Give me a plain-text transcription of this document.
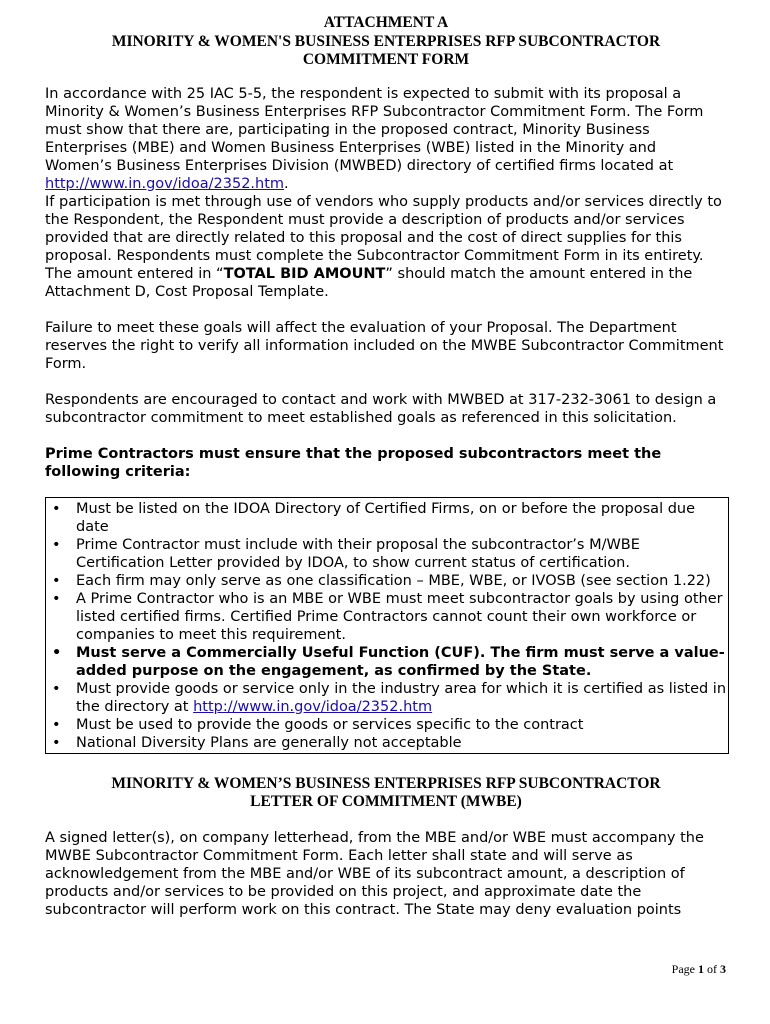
ATTACHMENT A
MINORITY & WOMEN'S BUSINESS ENTERPRISES RFP SUBCONTRACTOR
COMMITMENT FORM

In accordance with 25 IAC 5-5, the respondent is expected to submit with its proposal a Minority & Women’s Business Enterprises RFP Subcontractor Commitment Form. The Form must show that there are, participating in the proposed contract, Minority Business Enterprises (MBE) and Women Business Enterprises (WBE) listed in the Minority and Women’s Business Enterprises Division (MWBED) directory of certified firms located at http://www.in.gov/idoa/2352.htm.

If participation is met through use of vendors who supply products and/or services directly to the Respondent, the Respondent must provide a description of products and/or services provided that are directly related to this proposal and the cost of direct supplies for this proposal. Respondents must complete the Subcontractor Commitment Form in its entirety. The amount entered in “TOTAL BID AMOUNT” should match the amount entered in the Attachment D, Cost Proposal Template.

Failure to meet these goals will affect the evaluation of your Proposal. The Department reserves the right to verify all information included on the MWBE Subcontractor Commitment Form.

Respondents are encouraged to contact and work with MWBED at 317-232-3061 to design a subcontractor commitment to meet established goals as referenced in this solicitation.

Prime Contractors must ensure that the proposed subcontractors meet the following criteria:

• Must be listed on the IDOA Directory of Certified Firms, on or before the proposal due date
• Prime Contractor must include with their proposal the subcontractor’s M/WBE Certification Letter provided by IDOA, to show current status of certification.
• Each firm may only serve as one classification – MBE, WBE, or IVOSB (see section 1.22)
• A Prime Contractor who is an MBE or WBE must meet subcontractor goals by using other listed certified firms. Certified Prime Contractors cannot count their own workforce or companies to meet this requirement.
• Must serve a Commercially Useful Function (CUF). The firm must serve a value-added purpose on the engagement, as confirmed by the State.
• Must provide goods or service only in the industry area for which it is certified as listed in the directory at http://www.in.gov/idoa/2352.htm
• Must be used to provide the goods or services specific to the contract
• National Diversity Plans are generally not acceptable
MINORITY & WOMEN’S BUSINESS ENTERPRISES RFP SUBCONTRACTOR
LETTER OF COMMITMENT (MWBE)

A signed letter(s), on company letterhead, from the MBE and/or WBE must accompany the MWBE Subcontractor Commitment Form. Each letter shall state and will serve as acknowledgement from the MBE and/or WBE of its subcontract amount, a description of products and/or services to be provided on this project, and approximate date the subcontractor will perform work on this contract. The State may deny evaluation points

Page 1 of 3
